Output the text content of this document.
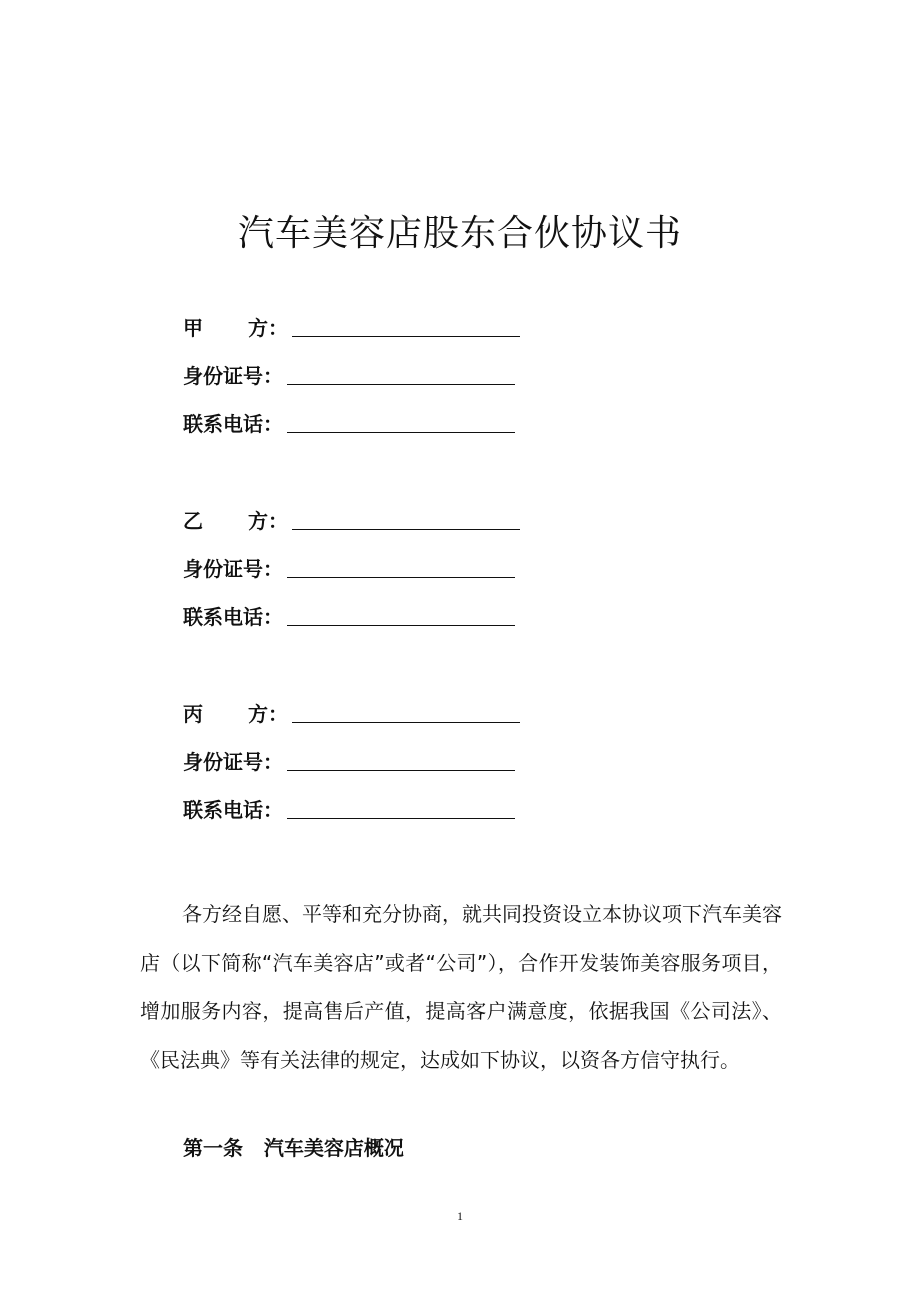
汽车美容店股东合伙协议书
甲 方 ：
身份证号 ：
联系电话 ：
乙 方 ：
身份证号 ：
联系电话 ：
丙 方 ：
身份证号 ：
联系电话 ：

各方经自愿、平等和充分协商，就共同投资设立本协议项下汽车美容店（以下简称“汽车美容店”或者“公司”），合作开发装饰美容服务项目，增加服务内容，提高售后产值，提高客户满意度，依据我国《公司法》、《民法典》等有关法律的规定，达成如下协议，以资各方信守执行。

第一条   汽车美容店概况
1
